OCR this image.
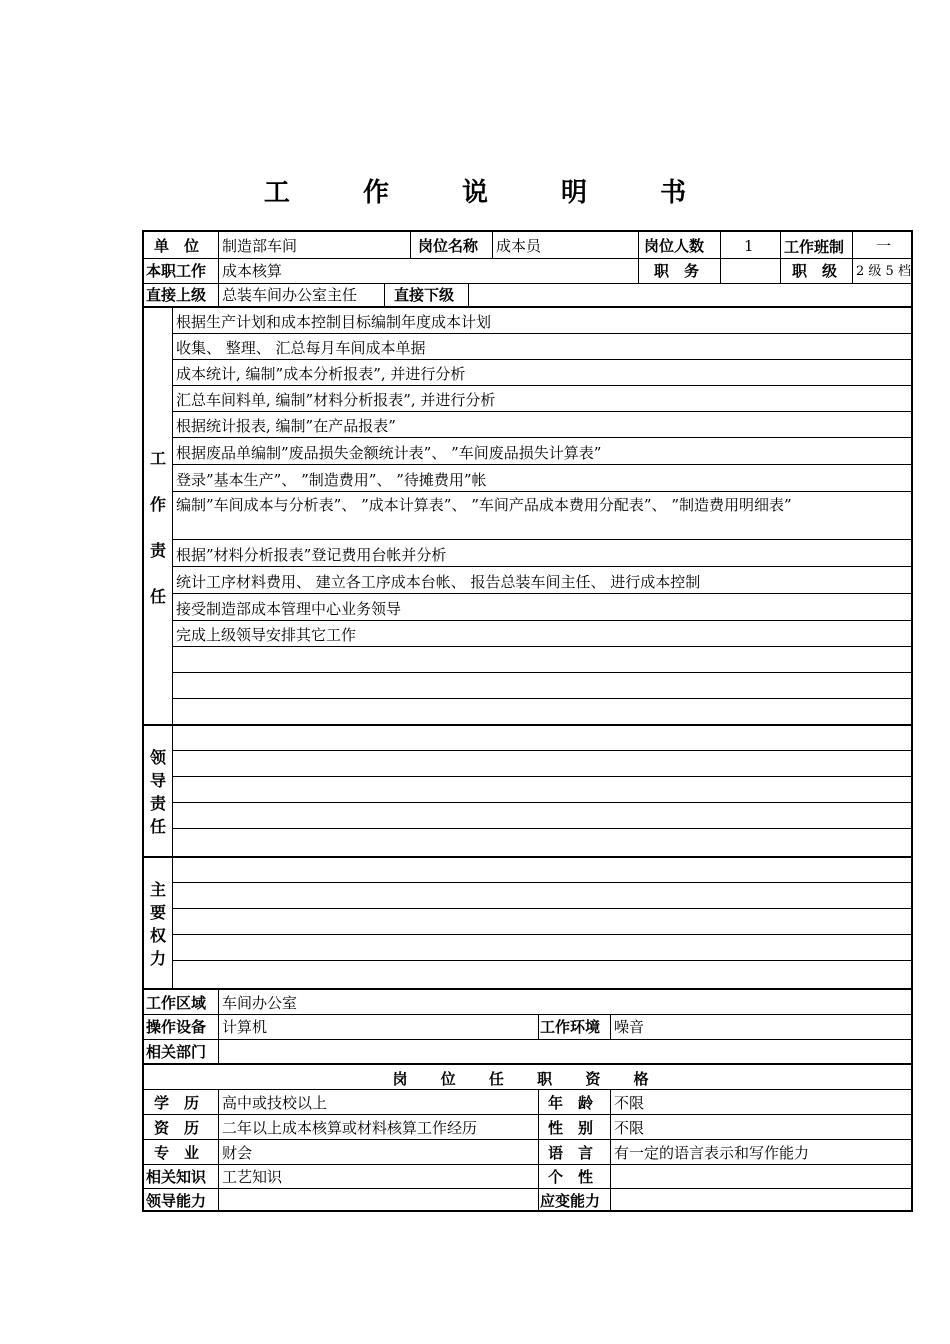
工 作 说 明 书
单　位 制造部车间	岗位名称 成本员	岗位人数	1 工作班制 一
本职工作 成本核算	职　务	职　级 2 级 5 档
直接上级 总装车间办公室主任 直接下级
工
作
责
任
根据生产计划和成本控制目标编制年度成本计划
收集、 整理、 汇总每月车间成本单据
成本统计, 编制”成本分析报表”, 并进行分析
汇总车间料单, 编制”材料分析报表”, 并进行分析
根据统计报表, 编制”在产品报表”
根据废品单编制”废品损失金额统计表”、 ”车间废品损失计算表”
登录”基本生产”、 ”制造费用”、 ”待摊费用”帐
编制”车间成本与分析表”、 ”成本计算表”、 ”车间产品成本费用分配表”、 ”制造费用明细表”
根据”材料分析报表”登记费用台帐并分析
统计工序材料费用、 建立各工序成本台帐、 报告总装车间主任、 进行成本控制
接受制造部成本管理中心业务领导
完成上级领导安排其它工作
领
导
责
任
主
要
权
力
工作区域 车间办公室
操作设备 计算机	工作环境 噪音
相关部门
岗 位 任 职 资 格
学　历 高中或技校以上	年　龄 不限
资　历 二年以上成本核算或材料核算工作经历	性　别 不限
专　业 财会	语　言 有一定的语言表示和写作能力
相关知识 工艺知识	个　性
领导能力	应变能力
